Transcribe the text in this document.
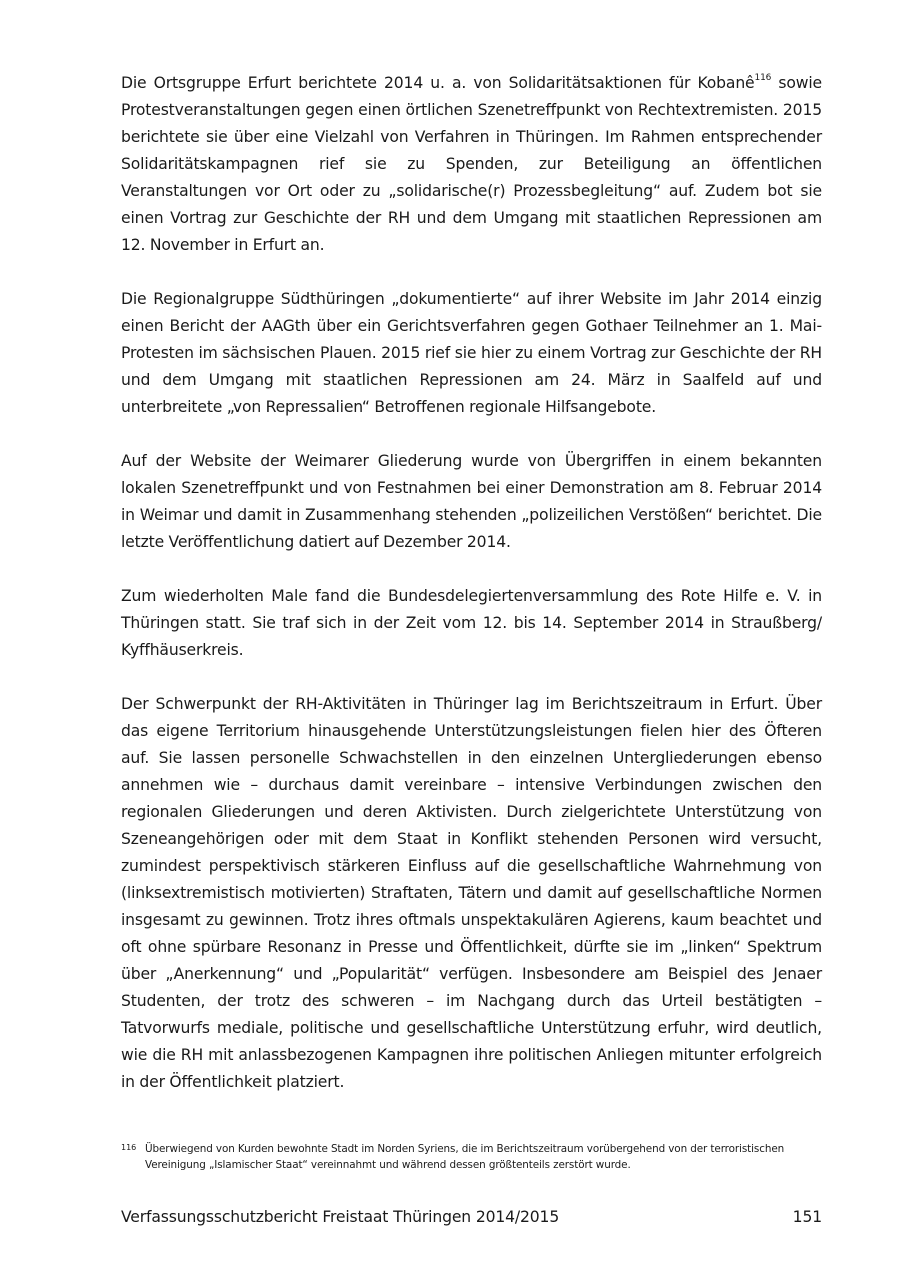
Die Ortsgruppe Erfurt berichtete 2014 u. a. von Solidaritätsaktionen für Kobanê$^{116}$ sowie Protestveranstaltungen gegen einen örtlichen Szenetreffpunkt von Rechtextremisten. 2015 berichtete sie über eine Vielzahl von Verfahren in Thüringen. Im Rahmen entsprechender Solidaritätskampagnen rief sie zu Spenden, zur Beteiligung an öffentlichen Veranstaltungen vor Ort oder zu „solidarische(r) Prozessbegleitung“ auf. Zudem bot sie einen Vortrag zur Geschichte der RH und dem Umgang mit staatlichen Repressionen am 12. November in Erfurt an.

Die Regionalgruppe Südthüringen „dokumentierte“ auf ihrer Website im Jahr 2014 einzig einen Bericht der AAGth über ein Gerichtsverfahren gegen Gothaer Teilnehmer an 1. Mai-Protesten im sächsischen Plauen. 2015 rief sie hier zu einem Vortrag zur Geschichte der RH und dem Umgang mit staatlichen Repressionen am 24. März in Saalfeld auf und unterbreitete „von Repressalien“ Betroffenen regionale Hilfsangebote.

Auf der Website der Weimarer Gliederung wurde von Übergriffen in einem bekannten lokalen Szenetreffpunkt und von Festnahmen bei einer Demonstration am 8. Februar 2014 in Weimar und damit in Zusammenhang stehenden „polizeilichen Verstößen“ berichtet. Die letzte Veröffentlichung datiert auf Dezember 2014.

Zum wiederholten Male fand die Bundesdelegiertenversammlung des Rote Hilfe e. V. in Thüringen statt. Sie traf sich in der Zeit vom 12. bis 14. September 2014 in Straußberg/ Kyffhäuserkreis.

Der Schwerpunkt der RH-Aktivitäten in Thüringer lag im Berichtszeitraum in Erfurt. Über das eigene Territorium hinausgehende Unterstützungsleistungen fielen hier des Öfteren auf. Sie lassen personelle Schwachstellen in den einzelnen Untergliederungen ebenso annehmen wie – durchaus damit vereinbare – intensive Verbindungen zwischen den regionalen Gliederungen und deren Aktivisten. Durch zielgerichtete Unterstützung von Szeneangehörigen oder mit dem Staat in Konflikt stehenden Personen wird versucht, zumindest perspektivisch stärkeren Einfluss auf die gesellschaftliche Wahrnehmung von (linksextremistisch motivierten) Straftaten, Tätern und damit auf gesellschaftliche Normen insgesamt zu gewinnen. Trotz ihres oftmals unspektakulären Agierens, kaum beachtet und oft ohne spürbare Resonanz in Presse und Öffentlichkeit, dürfte sie im „linken“ Spektrum über „Anerkennung“ und „Popularität“ verfügen. Insbesondere am Beispiel des Jenaer Studenten, der trotz des schweren – im Nachgang durch das Urteil bestätigten – Tatvorwurfs mediale, politische und gesellschaftliche Unterstützung erfuhr, wird deutlich, wie die RH mit anlassbezogenen Kampagnen ihre politischen Anliegen mitunter erfolgreich in der Öffentlichkeit platziert.

116 Überwiegend von Kurden bewohnte Stadt im Norden Syriens, die im Berichtszeitraum vorübergehend von der terroristischen Vereinigung „Islamischer Staat“ vereinnahmt und während dessen größtenteils zerstört wurde.
Verfassungsschutzbericht Freistaat Thüringen 2014/2015	151
